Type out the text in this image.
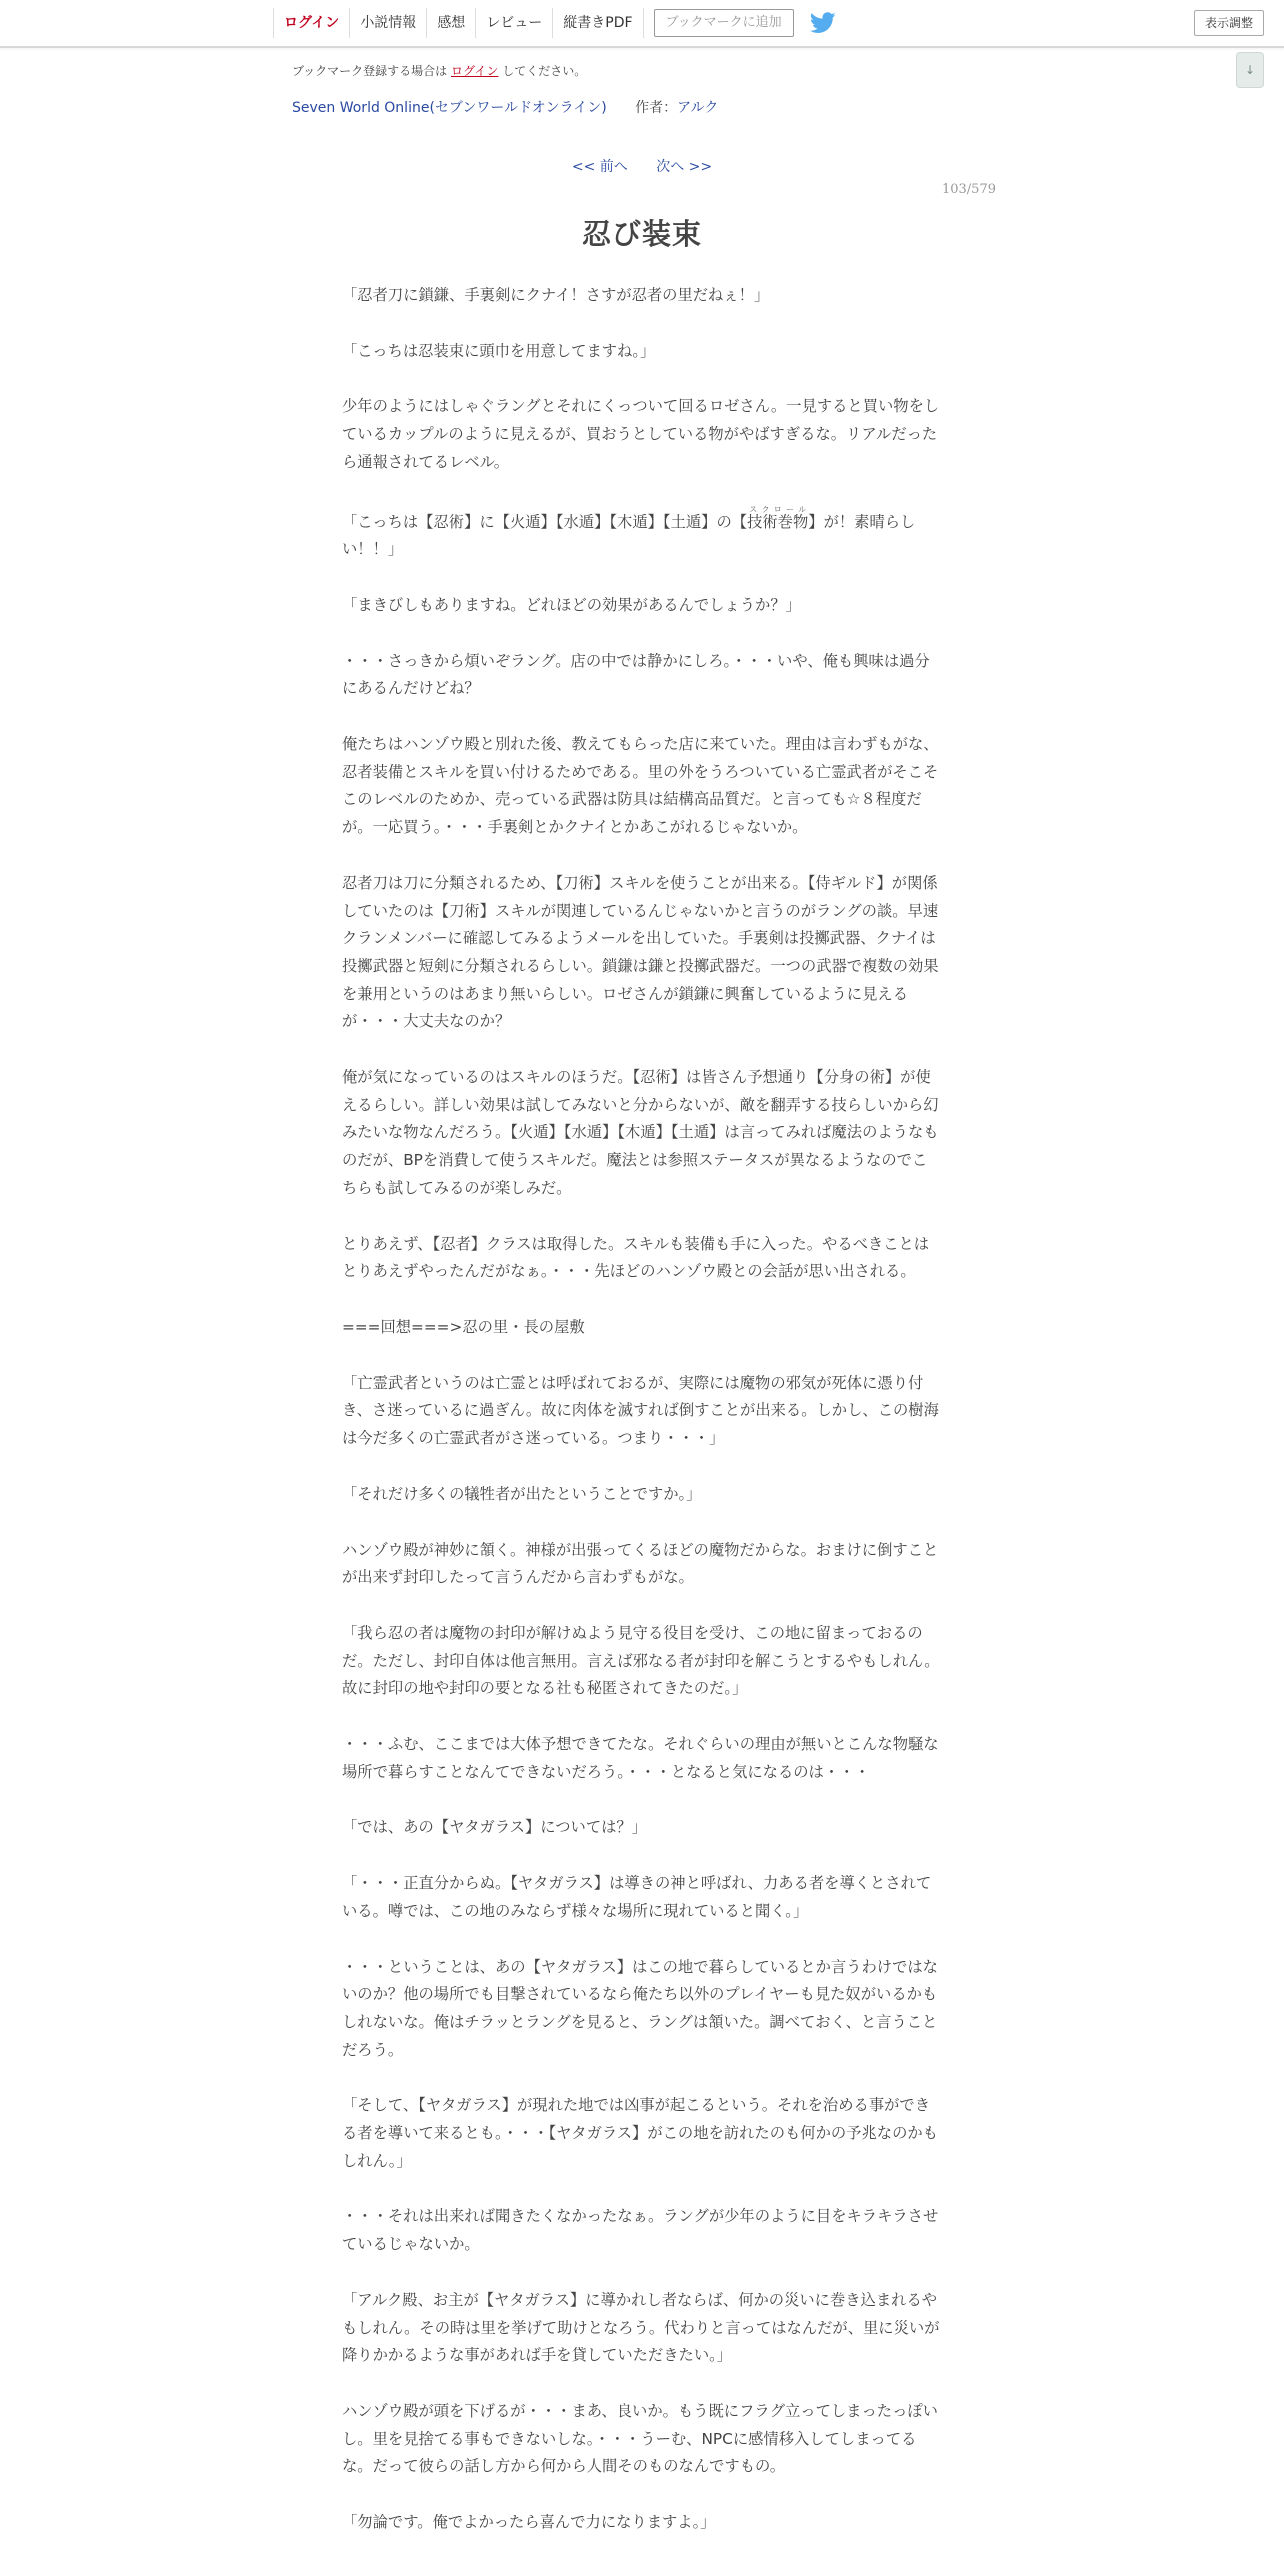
ログイン	小説情報	感想	レビュー	縦書きPDF	ブックマークに追加	表示調整
↓
ブックマーク登録する場合は ログイン してください。
Seven World Online(セブンワールドオンライン) 作者：アルク
<< 前へ 次へ >>
103/579
忍び装束

「忍者刀に鎖鎌、手裏剣にクナイ！さすが忍者の里だねぇ！」

「こっちは忍装束に頭巾を用意してますね。」

少年のようにはしゃぐラングとそれにくっついて回るロゼさん。一見すると買い物をしているカップルのように見えるが、買おうとしている物がやばすぎるな。リアルだったら通報されてるレベル。

「こっちは【忍術】に【火遁】【水遁】【木遁】【土遁】の【技術巻物スクロール】が！素晴らしい！！」

「まきびしもありますね。どれほどの効果があるんでしょうか？」

・・・さっきから煩いぞラング。店の中では静かにしろ。・・・いや、俺も興味は過分にあるんだけどね？

俺たちはハンゾウ殿と別れた後、教えてもらった店に来ていた。理由は言わずもがな、忍者装備とスキルを買い付けるためである。里の外をうろついている亡霊武者がそこそこのレベルのためか、売っている武器は防具は結構高品質だ。と言っても☆８程度だが。一応買う。・・・手裏剣とかクナイとかあこがれるじゃないか。

忍者刀は刀に分類されるため、【刀術】スキルを使うことが出来る。【侍ギルド】が関係していたのは【刀術】スキルが関連しているんじゃないかと言うのがラングの談。早速クランメンバーに確認してみるようメールを出していた。手裏剣は投擲武器、クナイは投擲武器と短剣に分類されるらしい。鎖鎌は鎌と投擲武器だ。一つの武器で複数の効果を兼用というのはあまり無いらしい。ロゼさんが鎖鎌に興奮しているように見えるが・・・大丈夫なのか？

俺が気になっているのはスキルのほうだ。【忍術】は皆さん予想通り【分身の術】が使えるらしい。詳しい効果は試してみないと分からないが、敵を翻弄する技らしいから幻みたいな物なんだろう。【火遁】【水遁】【木遁】【土遁】は言ってみれば魔法のようなものだが、BPを消費して使うスキルだ。魔法とは参照ステータスが異なるようなのでこちらも試してみるのが楽しみだ。

とりあえず、【忍者】クラスは取得した。スキルも装備も手に入った。やるべきことはとりあえずやったんだがなぁ。・・・先ほどのハンゾウ殿との会話が思い出される。

===回想===>忍の里・長の屋敷

「亡霊武者というのは亡霊とは呼ばれておるが、実際には魔物の邪気が死体に憑り付き、さ迷っているに過ぎん。故に肉体を滅すれば倒すことが出来る。しかし、この樹海は今だ多くの亡霊武者がさ迷っている。つまり・・・」

「それだけ多くの犠牲者が出たということですか。」

ハンゾウ殿が神妙に頷く。神様が出張ってくるほどの魔物だからな。おまけに倒すことが出来ず封印したって言うんだから言わずもがな。

「我ら忍の者は魔物の封印が解けぬよう見守る役目を受け、この地に留まっておるのだ。ただし、封印自体は他言無用。言えば邪なる者が封印を解こうとするやもしれん。故に封印の地や封印の要となる社も秘匿されてきたのだ。」

・・・ふむ、ここまでは大体予想できてたな。それぐらいの理由が無いとこんな物騒な場所で暮らすことなんてできないだろう。・・・となると気になるのは・・・

「では、あの【ヤタガラス】については？」

「・・・正直分からぬ。【ヤタガラス】は導きの神と呼ばれ、力ある者を導くとされている。噂では、この地のみならず様々な場所に現れていると聞く。」

・・・ということは、あの【ヤタガラス】はこの地で暮らしているとか言うわけではないのか？他の場所でも目撃されているなら俺たち以外のプレイヤーも見た奴がいるかもしれないな。俺はチラッとラングを見ると、ラングは頷いた。調べておく、と言うことだろう。

「そして、【ヤタガラス】が現れた地では凶事が起こるという。それを治める事ができる者を導いて来るとも。・・・【ヤタガラス】がこの地を訪れたのも何かの予兆なのかもしれん。」

・・・それは出来れば聞きたくなかったなぁ。ラングが少年のように目をキラキラさせているじゃないか。

「アルク殿、お主が【ヤタガラス】に導かれし者ならば、何かの災いに巻き込まれるやもしれん。その時は里を挙げて助けとなろう。代わりと言ってはなんだが、里に災いが降りかかるような事があれば手を貸していただきたい。」

ハンゾウ殿が頭を下げるが・・・まあ、良いか。もう既にフラグ立ってしまったっぽいし。里を見捨てる事もできないしな。・・・うーむ、NPCに感情移入してしまってるな。だって彼らの話し方から何から人間そのものなんですもの。

「勿論です。俺でよかったら喜んで力になりますよ。」
